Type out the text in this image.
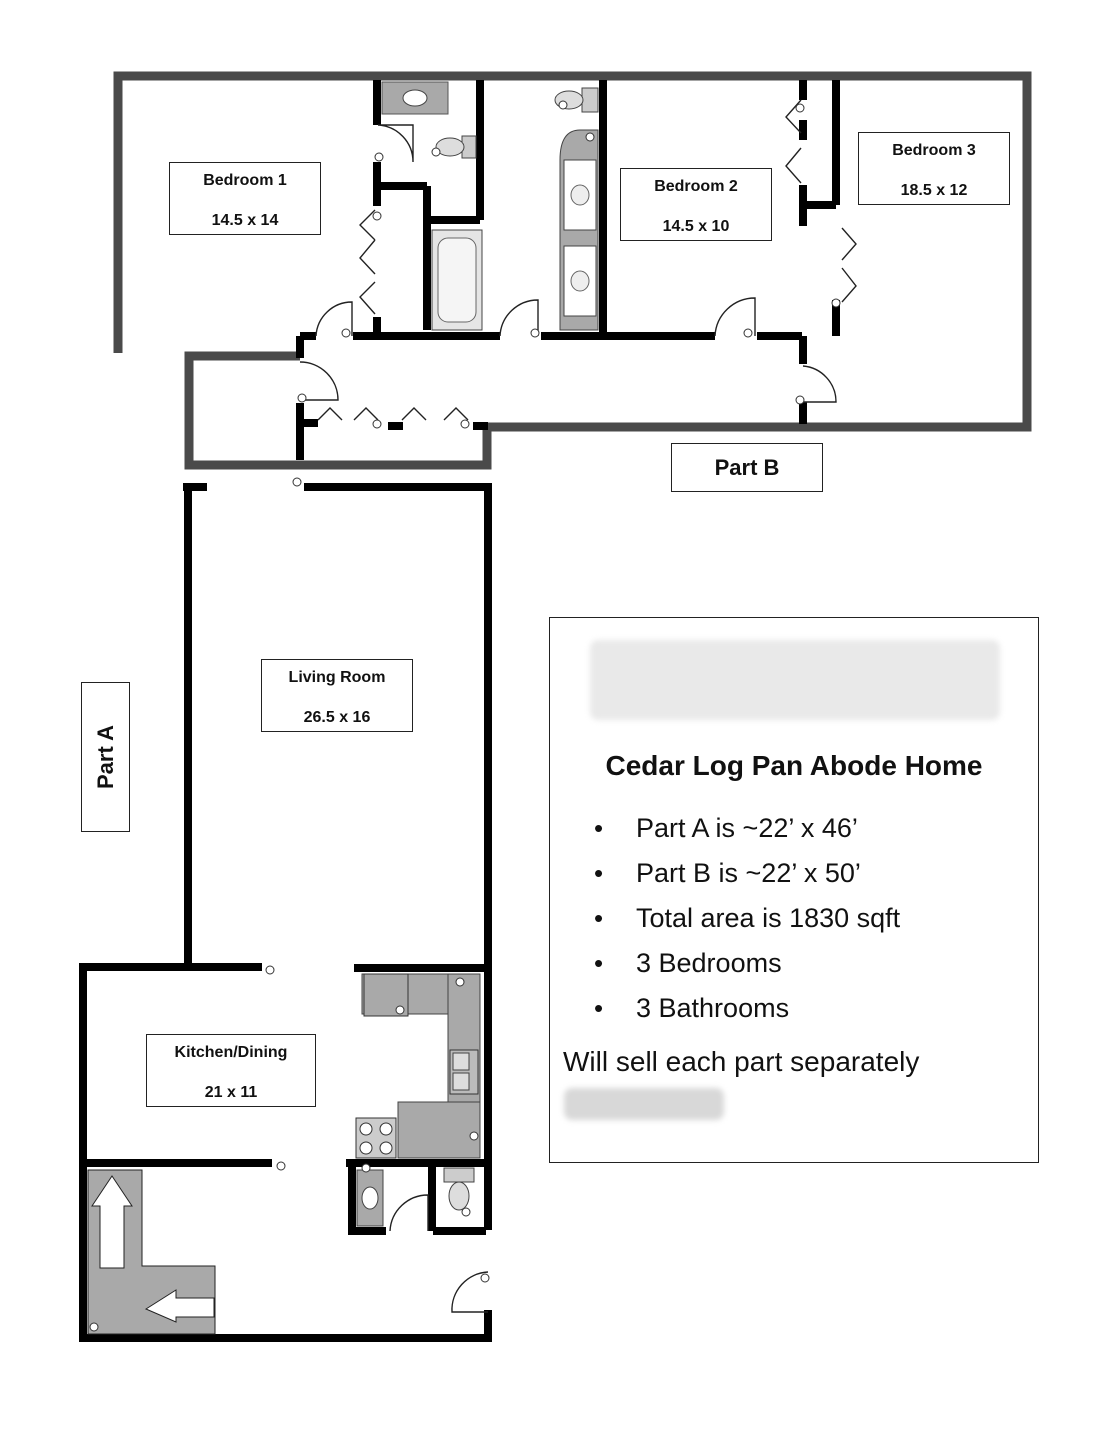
Bedroom 1
14.5 x 14
Bedroom 2
14.5 x 10
Bedroom 3
18.5 x 12
Living Room
26.5 x 16
Kitchen/Dining
21 x 11
Part A
Part B
Cedar Log Pan Abode Home
• Part A is ~22’ x 46’
• Part B is ~22’ x 50’
• Total area is 1830 sqft
• 3 Bedrooms
• 3 Bathrooms
Will sell each part separately
